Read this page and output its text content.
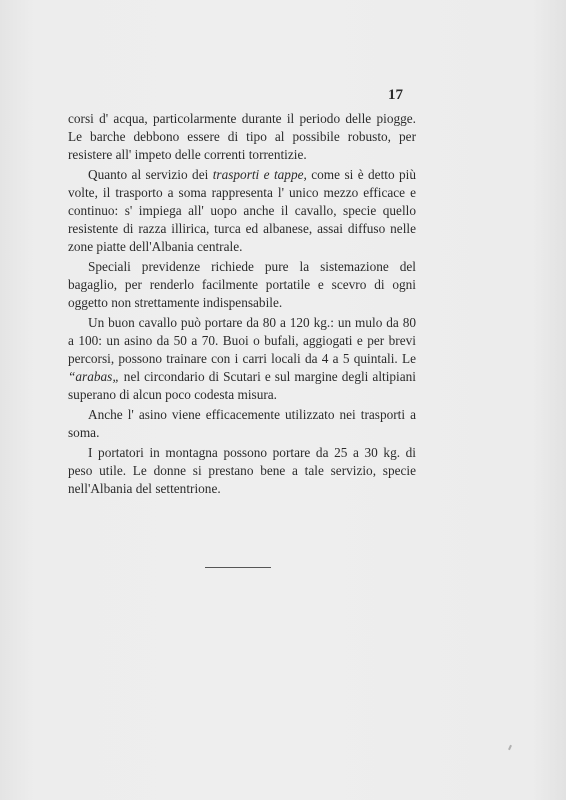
17

corsi d' acqua, particolarmente durante il periodo delle piogge. Le barche debbono essere di tipo al possibile robusto, per resistere all' impeto delle correnti torrentizie.

Quanto al servizio dei trasporti e tappe, come si è detto più volte, il trasporto a soma rappresenta l' unico mezzo efficace e continuo: s' impiega all' uopo anche il cavallo, specie quello resistente di razza illirica, turca ed albanese, assai diffuso nelle zone piatte dell'Albania centrale.

Speciali previdenze richiede pure la sistemazione del bagaglio, per renderlo facilmente portatile e scevro di ogni oggetto non strettamente indispensabile.

Un buon cavallo può portare da 80 a 120 kg.: un mulo da 80 a 100: un asino da 50 a 70. Buoi o bufali, aggiogati e per brevi percorsi, possono trainare con i carri locali da 4 a 5 quintali. Le “arabas„ nel circondario di Scutari e sul margine degli altipiani superano di alcun poco codesta misura.

Anche l' asino viene efficacemente utilizzato nei trasporti a soma.

I portatori in montagna possono portare da 25 a 30 kg. di peso utile. Le donne si prestano bene a tale servizio, specie nell'Albania del settentrione.
